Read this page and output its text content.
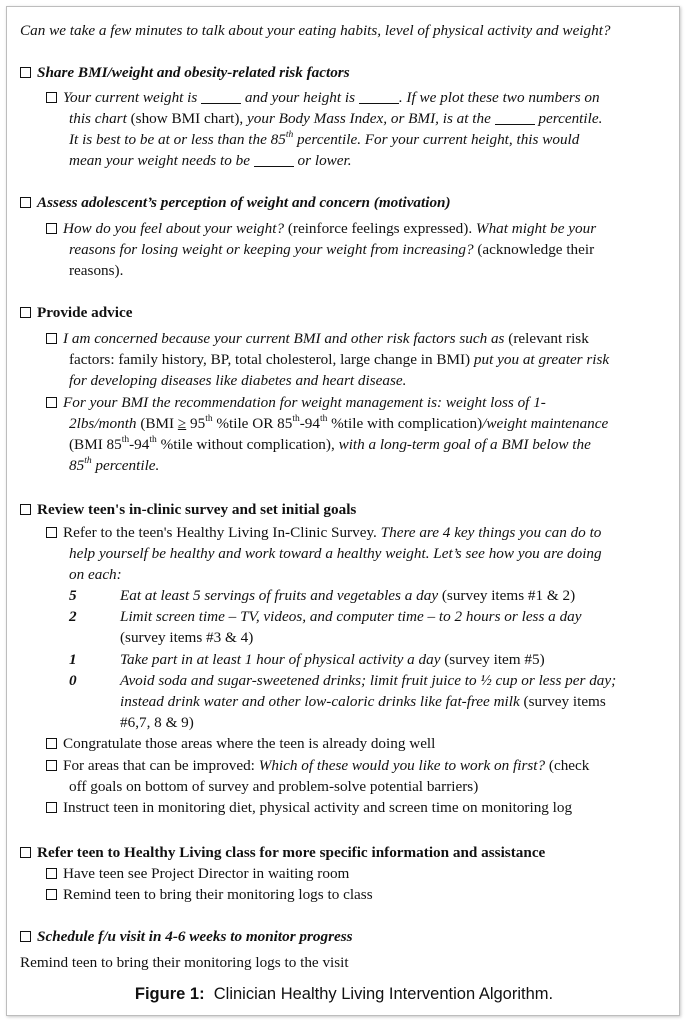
Can we take a few minutes to talk about your eating habits, level of physical activity and weight?
Share BMI/weight and obesity-related risk factors
Your current weight is	and your height is	. If we plot these two numbers on
this chart (show BMI chart), your Body Mass Index, or BMI, is at the	percentile.
It is best to be at or less than the 85th percentile. For your current height, this would
mean your weight needs to be	or lower.
Assess adolescent’s perception of weight and concern (motivation)
How do you feel about your weight? (reinforce feelings expressed). What might be your
reasons for losing weight or keeping your weight from increasing? (acknowledge their
reasons).
Provide advice
I am concerned because your current BMI and other risk factors such as (relevant risk
factors: family history, BP, total cholesterol, large change in BMI) put you at greater risk
for developing diseases like diabetes and heart disease.
For your BMI the recommendation for weight management is: weight loss of 1-
2lbs/month (BMI ≥ 95th %tile OR 85th-94th %tile with complication)/weight maintenance
(BMI 85th-94th %tile without complication), with a long-term goal of a BMI below the
85th percentile.
Review teen's in-clinic survey and set initial goals
Refer to the teen's Healthy Living In-Clinic Survey. There are 4 key things you can do to
help yourself be healthy and work toward a healthy weight. Let’s see how you are doing
on each:
5	Eat at least 5 servings of fruits and vegetables a day (survey items #1 & 2)
2	Limit screen time – TV, videos, and computer time – to 2 hours or less a day
(survey items #3 & 4)
1	Take part in at least 1 hour of physical activity a day (survey item #5)
0	Avoid soda and sugar-sweetened drinks; limit fruit juice to ½ cup or less per day;
instead drink water and other low-caloric drinks like fat-free milk (survey items
#6,7, 8 & 9)
Congratulate those areas where the teen is already doing well
For areas that can be improved: Which of these would you like to work on first? (check
off goals on bottom of survey and problem-solve potential barriers)
Instruct teen in monitoring diet, physical activity and screen time on monitoring log
Refer teen to Healthy Living class for more specific information and assistance
Have teen see Project Director in waiting room
Remind teen to bring their monitoring logs to class
Schedule f/u visit in 4-6 weeks to monitor progress
Remind teen to bring their monitoring logs to the visit
Figure 1: Clinician Healthy Living Intervention Algorithm.
